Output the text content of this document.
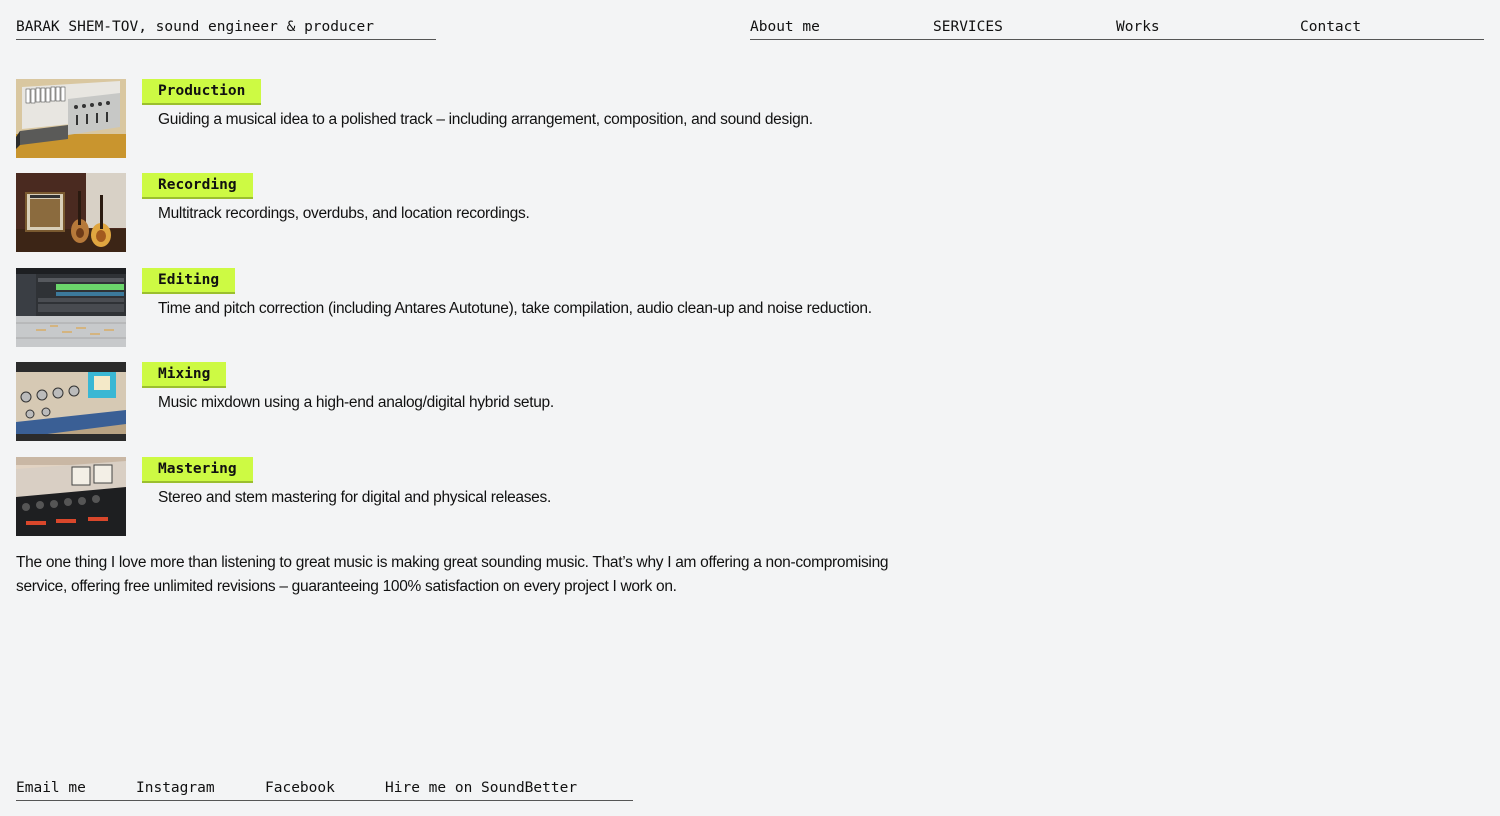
BARAK SHEM-TOV, sound engineer & producer	About me	SERVICES	Works	Contact
Production
Guiding a musical idea to a polished track – including arrangement, composition, and sound design.
Recording
Multitrack recordings, overdubs, and location recordings.
Editing
Time and pitch correction (including Antares Autotune), take compilation, audio clean-up and noise reduction.
Mixing
Music mixdown using a high-end analog/digital hybrid setup.
Mastering
Stereo and stem mastering for digital and physical releases.

The one thing I love more than listening to great music is making great sounding music. That’s why I am offering a non-compromising service, offering free unlimited revisions – guaranteeing 100% satisfaction on every project I work on.

Email me	Instagram	Facebook	Hire me on SoundBetter
